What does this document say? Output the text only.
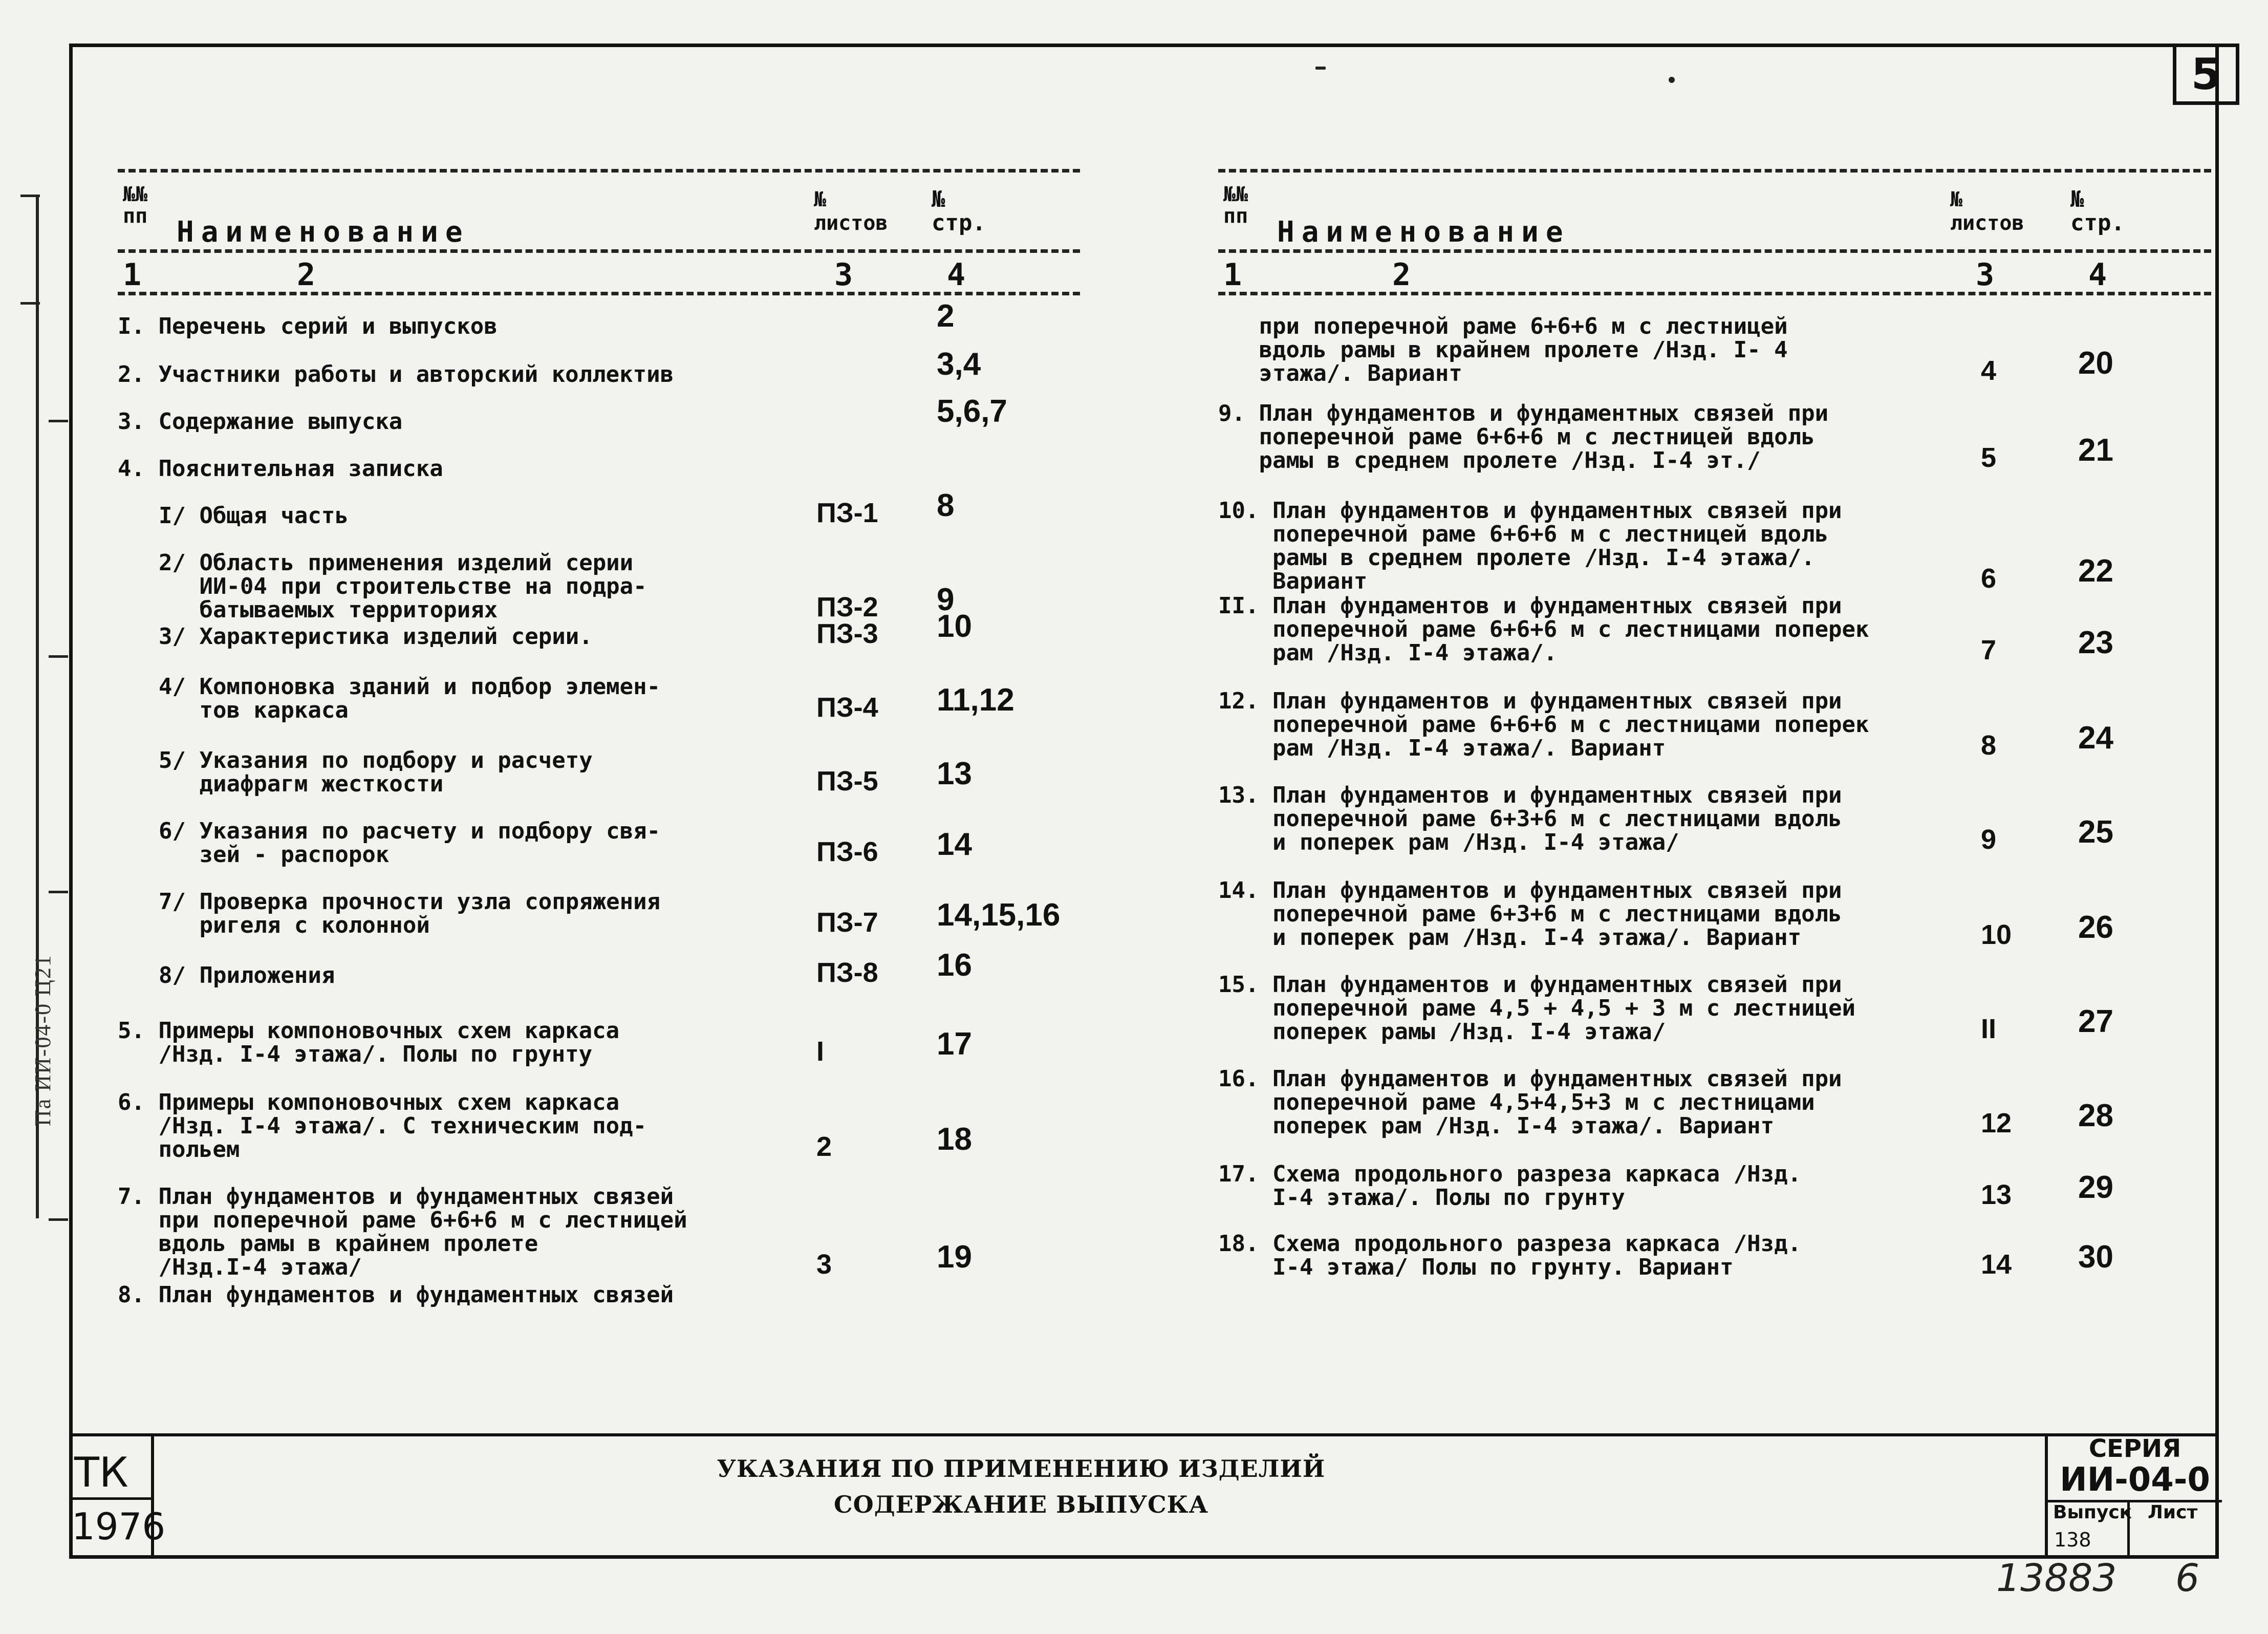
Па ИИ-04-0 Ц21
5
№№
пп Наименование
№
листов
№
стр.
1	2	3	4
I. Перечень серий и выпусков	2
2. Участники работы и авторский коллектив	3,4
3. Содержание выпуска	5,6,7
4. Пояснительная записка
I/ Общая часть	ПЗ-1 8
2/ Область применения изделий серии
ИИ-04 при строительстве на подра-
батываемых территориях	ПЗ-2 9
3/ Характеристика изделий серии.	ПЗ-3 10
4/ Компоновка зданий и подбор элемен-
тов каркаса	ПЗ-4 11,12
5/ Указания по подбору и расчету
диафрагм жесткости	ПЗ-5 13
6/ Указания по расчету и подбору свя-
зей - распорок	ПЗ-6 14
7/ Проверка прочности узла сопряжения
ригеля с колонной	ПЗ-7 14,15,16
8/ Приложения	ПЗ-8 16
5. Примеры компоновочных схем каркаса
/Нзд. I-4 этажа/. Полы по грунту	I	17
6. Примеры компоновочных схем каркаса
/Нзд. I-4 этажа/. С техническим под-
польем	2	18
7. План фундаментов и фундаментных связей
при поперечной раме 6+6+6 м с лестницей
вдоль рамы в крайнем пролете
/Нзд.I-4 этажа/	3	19
8. План фундаментов и фундаментных связей
№№
пп Наименование
№
листов
№
стр.
1	2	3	4
при поперечной раме 6+6+6 м с лестницей
вдоль рамы в крайнем пролете /Нзд. I- 4
этажа/. Вариант	4	20
9. План фундаментов и фундаментных связей при
поперечной раме 6+6+6 м с лестницей вдоль
рамы в среднем пролете /Нзд. I-4 эт./	5	21
10. План фундаментов и фундаментных связей при
поперечной раме 6+6+6 м с лестницей вдоль
рамы в среднем пролете /Нзд. I-4 этажа/.
Вариант	6	22
II. План фундаментов и фундаментных связей при
поперечной раме 6+6+6 м с лестницами поперек
рам /Нзд. I-4 этажа/.	7	23
12. План фундаментов и фундаментных связей при
поперечной раме 6+6+6 м с лестницами поперек
рам /Нзд. I-4 этажа/. Вариант	8	24
13. План фундаментов и фундаментных связей при
поперечной раме 6+3+6 м с лестницами вдоль
и поперек рам /Нзд. I-4 этажа/	9	25
14. План фундаментов и фундаментных связей при
поперечной раме 6+3+6 м с лестницами вдоль
и поперек рам /Нзд. I-4 этажа/. Вариант	10 26
15. План фундаментов и фундаментных связей при
поперечной раме 4,5 + 4,5 + 3 м с лестницей
поперек рамы /Нзд. I-4 этажа/	II	27
16. План фундаментов и фундаментных связей при
поперечной раме 4,5+4,5+3 м с лестницами
поперек рам /Нзд. I-4 этажа/. Вариант	12 28
17. Схема продольного разреза каркаса /Нзд.
I-4 этажа/. Полы по грунту	13 29
18. Схема продольного разреза каркаса /Нзд.
I-4 этажа/ Полы по грунту. Вариант	14 30
ТК
1976
УКАЗАНИЯ ПО ПРИМЕНЕНИЮ ИЗДЕЛИЙ
СОДЕРЖАНИЕ ВЫПУСКА
СЕРИЯ
ИИ-04-0
Выпуск
138
Лист
13883 6
